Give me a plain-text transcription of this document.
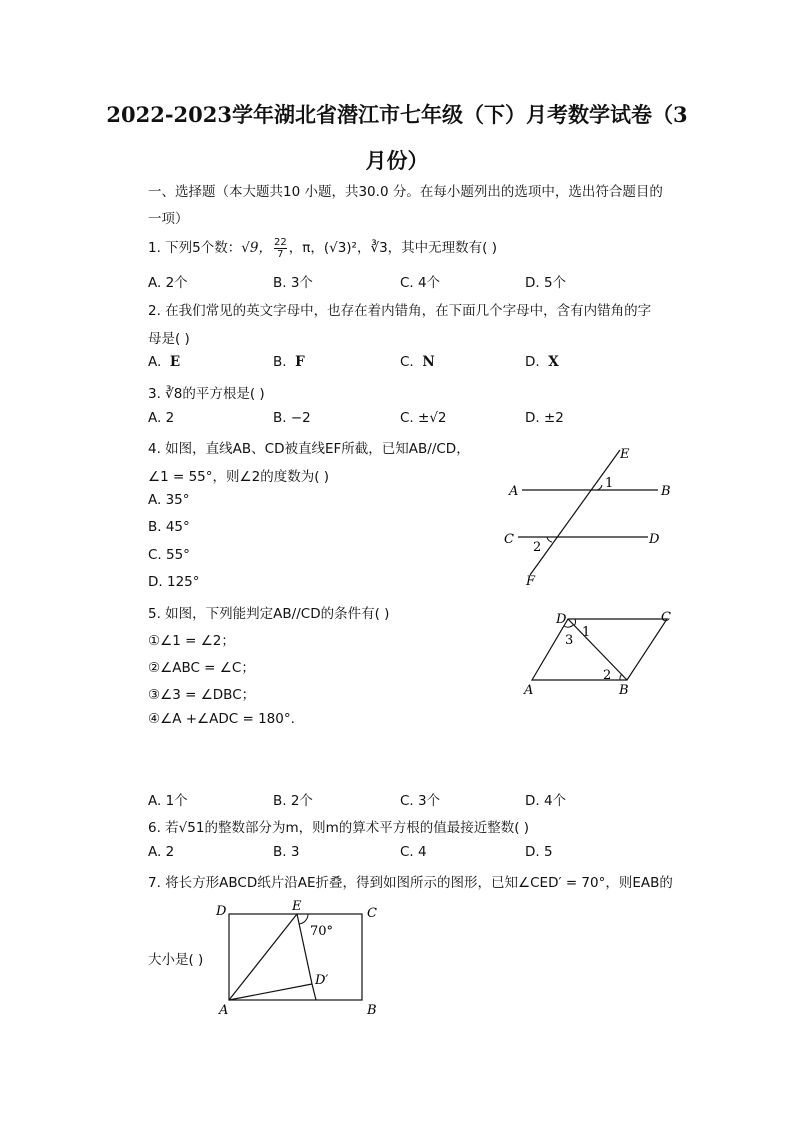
2022-2023学年湖北省潜江市七年级（下）月考数学试卷（3
月份）
一、选择题（本大题共10 小题，共30.0 分。在每小题列出的选项中，选出符合题目的
一项）
1. 下列5个数：√9， $\frac{22}{7}$ ，π，(√3)²，∛3，其中无理数有( )
A. 2个	B. 3个	C. 4个	D. 5个
2. 在我们常见的英文字母中，也存在着内错角，在下面几个字母中，含有内错角的字
母是( )
A. E	B. F	C. N	D. X
3. ∛8的平方根是( )
A. 2	B. −2	C. ±√2	D. ±2
4. 如图，直线AB、CD被直线EF所截，已知AB//CD，
∠1 = 55°，则∠2的度数为( )
A. 35°
B. 45°
C. 55°
D. 125°
E
A
1
B
C
2
D
F
5. 如图，下列能判定AB//CD的条件有( )
①∠1 = ∠2；
②∠ABC = ∠C；
③∠3 = ∠DBC；
④∠A +∠ADC = 180°.
D	C
3
1
2
A	B
A. 1个	B. 2个	C. 3个	D. 4个
6. 若√51的整数部分为m，则m的算术平方根的值最接近整数( )
A. 2	B. 3	C. 4	D. 5
7. 将长方形ABCD纸片沿AE折叠，得到如图所示的图形，已知∠CED′ = 70°，则EAB的
大小是( )
D	E	C
70°
D′
A	B
